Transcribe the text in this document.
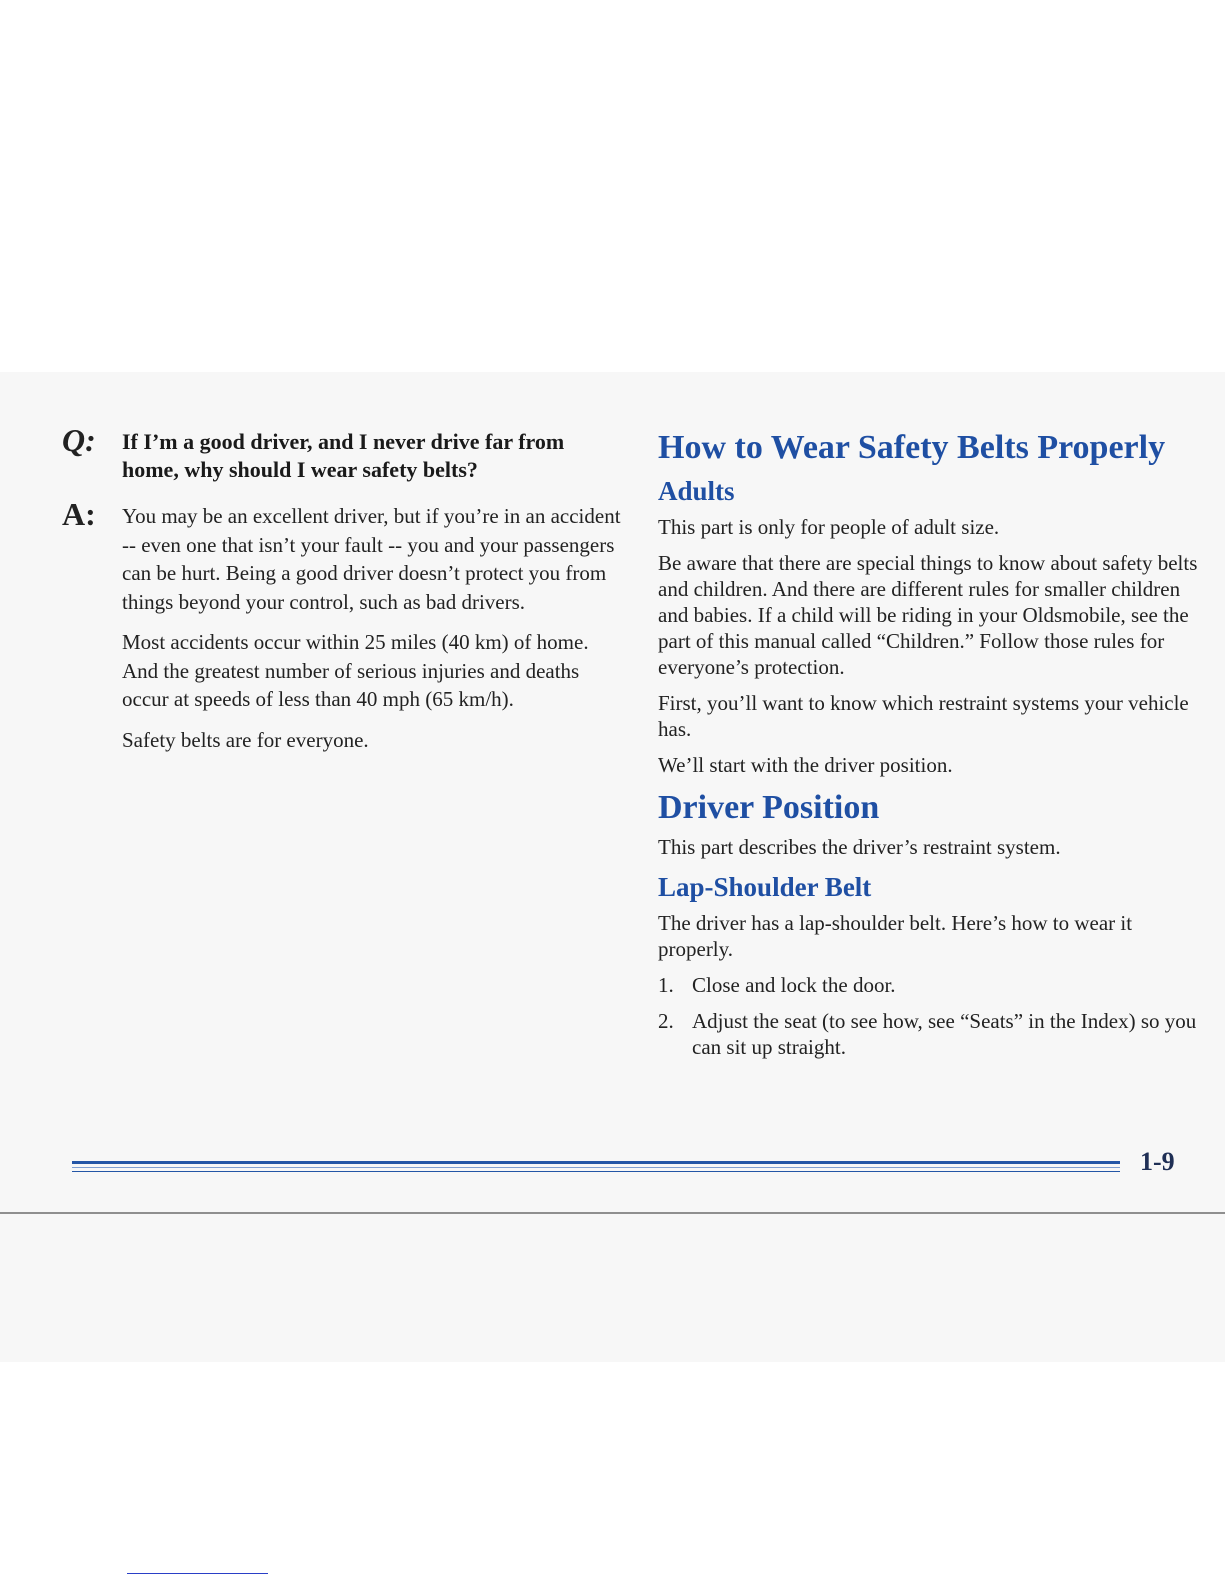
Q: If I’m a good driver, and I never drive far from home, why should I wear safety belts?

A: You may be an excellent driver, but if you’re in an accident -- even one that isn’t your fault -- you and your passengers can be hurt. Being a good driver doesn’t protect you from things beyond your control, such as bad drivers.

Most accidents occur within 25 miles (40 km) of home. And the greatest number of serious injuries and deaths occur at speeds of less than 40 mph (65 km/h).

Safety belts are for everyone.

How to Wear Safety Belts Properly
Adults

This part is only for people of adult size.

Be aware that there are special things to know about safety belts and children. And there are different rules for smaller children and babies. If a child will be riding in your Oldsmobile, see the part of this manual called “Children.” Follow those rules for everyone’s protection.

First, you’ll want to know which restraint systems your vehicle has.

We’ll start with the driver position.

Driver Position

This part describes the driver’s restraint system.

Lap-Shoulder Belt

The driver has a lap-shoulder belt. Here’s how to wear it properly.

1. Close and lock the door.
2. Adjust the seat (to see how, see “Seats” in the Index) so you can sit up straight.
1-9
